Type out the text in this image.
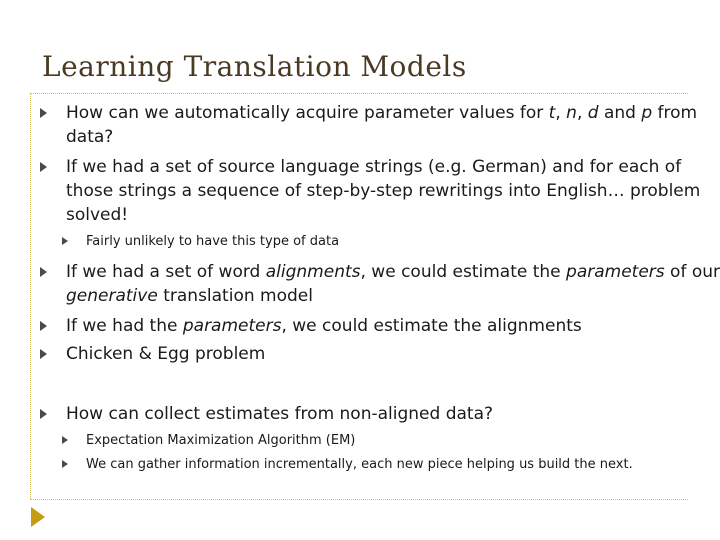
Learning Translation Models
How can we automatically acquire parameter values for t, n, d and p from
data?
If we had a set of source language strings (e.g. German) and for each of
those strings a sequence of step-by-step rewritings into English… problem
solved!
Fairly unlikely to have this type of data
If we had a set of word alignments, we could estimate the parameters of our
generative translation model
If we had the parameters, we could estimate the alignments
Chicken & Egg problem
How can collect estimates from non-aligned data?
Expectation Maximization Algorithm (EM)
We can gather information incrementally, each new piece helping us build the next.
